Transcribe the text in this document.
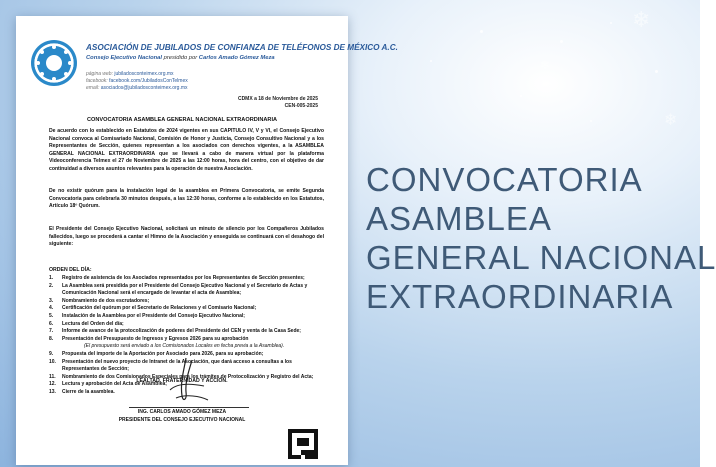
❄
❄
❄
ASOCIACIÓN DE JUBILADOS DE CONFIANZA DE TELÉFONOS DE MÉXICO A.C.
Consejo Ejecutivo Nacional presidido por Carlos Amado Gómez Meza
página web: jubiladosconteimex.org.mx
facebook: facebook.com/JubiladosConTelmex
email: asociados@jubiladosconteimex.org.mx
CDMX a 18 de Noviembre de 2025
CEN-005-2025
CONVOCATORIA ASAMBLEA GENERAL NACIONAL EXTRAORDINARIA

De acuerdo con lo establecido en Estatutos de 2024 vigentes en sus CAPITULO IV, V y VI, el Consejo Ejecutivo Nacional convoca al Comisariado Nacional, Comisión de Honor y Justicia, Consejo Consultivo Nacional y a los Representantes de Sección, quienes representan a los asociados con derechos vigentes, a la ASAMBLEA GENERAL NACIONAL EXTRAORDINARIA que se llevará a cabo de manera virtual por la plataforma Videoconferencia Telmex el 27 de Noviembre de 2025 a las 12:00 horas, hora del centro, con el objetivo de dar continuidad a diversos asuntos relevantes para la operación de nuestra Asociación.

De no existir quórum para la instalación legal de la asamblea en Primera Convocatoria, se emite Segunda Convocatoria para celebrarla 30 minutos después, a las 12:30 horas, conforme a lo establecido en los Estatutos, Artículo 18º Quórum.

El Presidente del Consejo Ejecutivo Nacional, solicitará un minuto de silencio por los Compañeros Jubilados fallecidos, luego se procederá a cantar el Himno de la Asociación y enseguida se continuará con el desahogo del siguiente:

ORDEN DEL DÍA:
1.	Registro de asistencia de los Asociados representados por los Representantes de Sección presentes;
2.	La Asamblea será presidida por el Presidente del Consejo Ejecutivo Nacional y el Secretario de Actas y Comunicación Nacional será el encargado de levantar el acta de Asamblea;
3.	Nombramiento de dos escrutadores;
4.	Certificación del quórum por el Secretario de Relaciones y el Comisario Nacional;
5.	Instalación de la Asamblea por el Presidente del Consejo Ejecutivo Nacional;
6.	Lectura del Orden del día;
7.	Informe de avance de la protocolización de poderes del Presidente del CEN y venta de la Casa Sede;
8.	Presentación del Presupuesto de Ingresos y Egresos 2026 para su aprobación
(El presupuesto será enviado a los Comisionados Locales en fecha previa a la Asamblea).
9.	Propuesta del importe de la Aportación por Asociado para 2026, para su aprobación;
10.	Presentación del nuevo proyecto de Intranet de la Asociación, que dará acceso a consultas a los Representantes de Sección;
11.	Nombramiento de dos Comisionados Especiales para los trámites de Protocolización y Registro del Acta;
12.	Lectura y aprobación del Acta de Asamblea;
13.	Cierre de la asamblea.
LEALTAD, FRATERNIDAD Y ACCIÓN.
ING. CARLOS AMADO GÓMEZ MEZA
PRESIDENTE DEL CONSEJO EJECUTIVO NACIONAL
CONVOCATORIA
ASAMBLEA
GENERAL NACIONAL
EXTRAORDINARIA
